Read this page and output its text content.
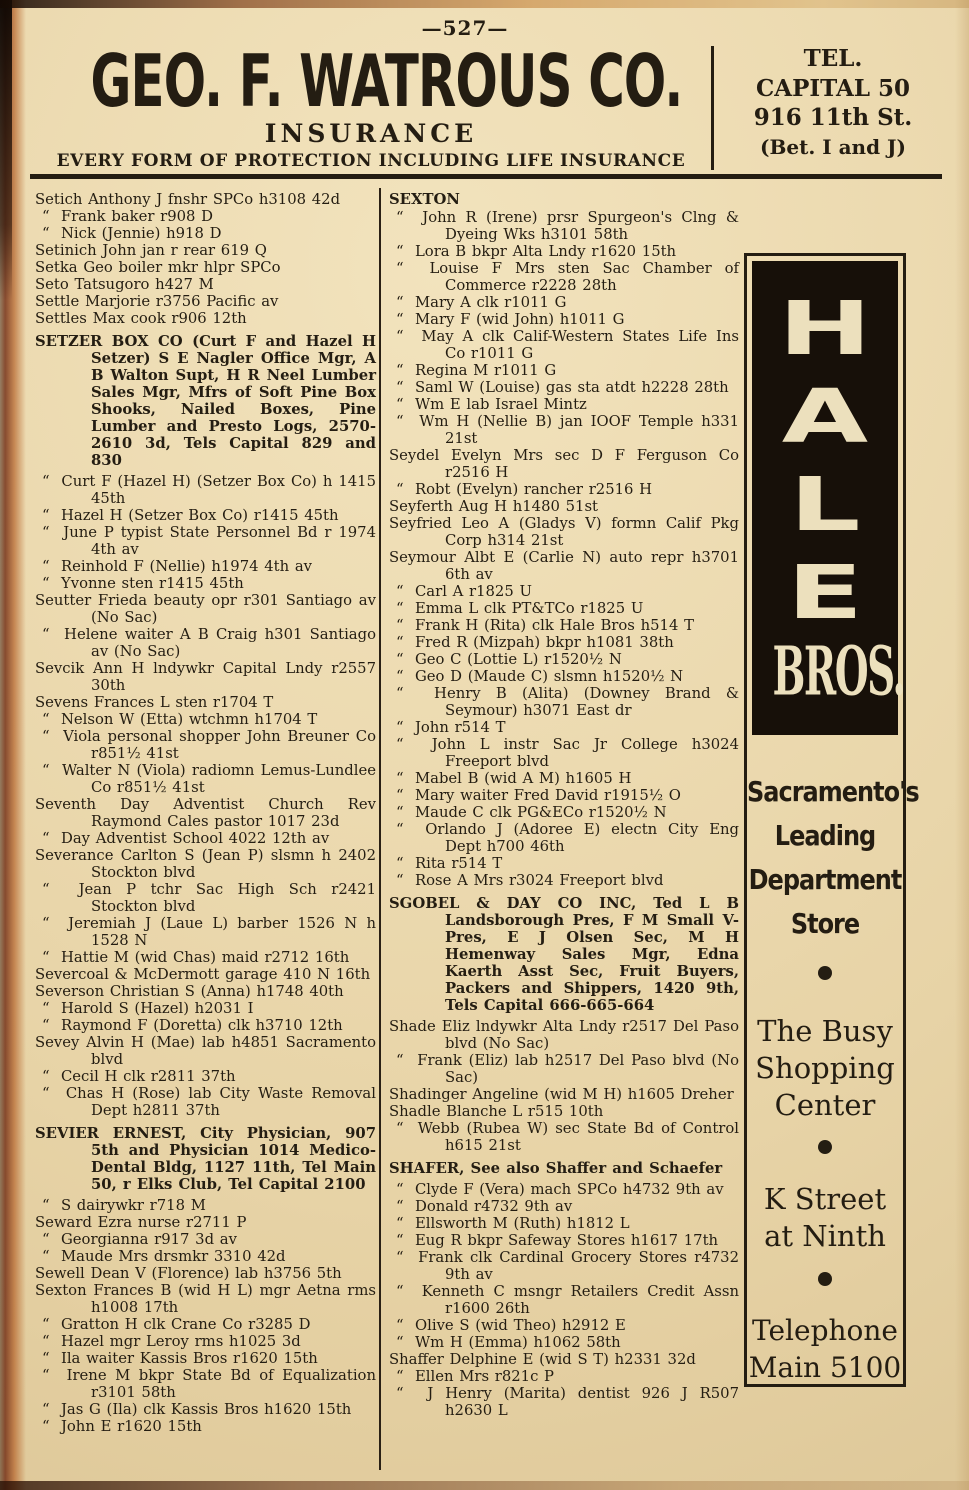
—527—
GEO. F. WATROUS CO.
INSURANCE
EVERY FORM OF PROTECTION INCLUDING LIFE INSURANCE
TEL.
CAPITAL 50
916 11th St.
(Bet. I and J)
Setich Anthony J fnshr SPCo h3108 42d
“  Frank baker r908 D
“  Nick (Jennie) h918 D
Setinich John jan r rear 619 Q
Setka Geo boiler mkr hlpr SPCo
Seto Tatsugoro h427 M
Settle Marjorie r3756 Pacific av
Settles Max cook r906 12th
SETZER BOX CO (Curt F and Hazel H Setzer) S E Nagler Office Mgr, A B Walton Supt, H R Neel Lumber Sales Mgr, Mfrs of Soft Pine Box Shooks, Nailed Boxes, Pine Lumber and Presto Logs, 2570-2610 3d, Tels Capital 829 and 830
“  Curt F (Hazel H) (Setzer Box Co) h 1415 45th
“  Hazel H (Setzer Box Co) r1415 45th
“  June P typist State Personnel Bd r 1974 4th av
“  Reinhold F (Nellie) h1974 4th av
“  Yvonne sten r1415 45th
Seutter Frieda beauty opr r301 Santiago av (No Sac)
“  Helene waiter A B Craig h301 Santiago av (No Sac)
Sevcik Ann H lndywkr Capital Lndy r2557 30th
Sevens Frances L sten r1704 T
“  Nelson W (Etta) wtchmn h1704 T
“  Viola personal shopper John Breuner Co r851½ 41st
“  Walter N (Viola) radiomn Lemus-Lundlee Co r851½ 41st
Seventh Day Adventist Church Rev Raymond Cales pastor 1017 23d
“  Day Adventist School 4022 12th av
Severance Carlton S (Jean P) slsmn h 2402 Stockton blvd
“  Jean P tchr Sac High Sch r2421 Stockton blvd
“  Jeremiah J (Laue L) barber 1526 N h 1528 N
“  Hattie M (wid Chas) maid r2712 16th
Severcoal & McDermott garage 410 N 16th
Severson Christian S (Anna) h1748 40th
“  Harold S (Hazel) h2031 I
“  Raymond F (Doretta) clk h3710 12th
Sevey Alvin H (Mae) lab h4851 Sacramento blvd
“  Cecil H clk r2811 37th
“  Chas H (Rose) lab City Waste Removal Dept h2811 37th
SEVIER ERNEST, City Physician, 907 5th and Physician 1014 Medico-Dental Bldg, 1127 11th, Tel Main 50, r Elks Club, Tel Capital 2100
“  S dairywkr r718 M
Seward Ezra nurse r2711 P
“  Georgianna r917 3d av
“  Maude Mrs drsmkr 3310 42d
Sewell Dean V (Florence) lab h3756 5th
Sexton Frances B (wid H L) mgr Aetna rms h1008 17th
“  Gratton H clk Crane Co r3285 D
“  Hazel mgr Leroy rms h1025 3d
“  Ila waiter Kassis Bros r1620 15th
“  Irene M bkpr State Bd of Equalization r3101 58th
“  Jas G (Ila) clk Kassis Bros h1620 15th
“  John E r1620 15th
SEXTON
“  John R (Irene) prsr Spurgeon's Clng & Dyeing Wks h3101 58th
“  Lora B bkpr Alta Lndy r1620 15th
“  Louise F Mrs sten Sac Chamber of Commerce r2228 28th
“  Mary A clk r1011 G
“  Mary F (wid John) h1011 G
“  May A clk Calif-Western States Life Ins Co r1011 G
“  Regina M r1011 G
“  Saml W (Louise) gas sta atdt h2228 28th
“  Wm E lab Israel Mintz
“  Wm H (Nellie B) jan IOOF Temple h331 21st
Seydel Evelyn Mrs sec D F Ferguson Co r2516 H
“  Robt (Evelyn) rancher r2516 H
Seyferth Aug H h1480 51st
Seyfried Leo A (Gladys V) formn Calif Pkg Corp h314 21st
Seymour Albt E (Carlie N) auto repr h3701 6th av
“  Carl A r1825 U
“  Emma L clk PT&TCo r1825 U
“  Frank H (Rita) clk Hale Bros h514 T
“  Fred R (Mizpah) bkpr h1081 38th
“  Geo C (Lottie L) r1520½ N
“  Geo D (Maude C) slsmn h1520½ N
“  Henry B (Alita) (Downey Brand & Seymour) h3071 East dr
“  John r514 T
“  John L instr Sac Jr College h3024 Freeport blvd
“  Mabel B (wid A M) h1605 H
“  Mary waiter Fred David r1915½ O
“  Maude C clk PG&ECo r1520½ N
“  Orlando J (Adoree E) electn City Eng Dept h700 46th
“  Rita r514 T
“  Rose A Mrs r3024 Freeport blvd
SGOBEL & DAY CO INC, Ted L B Landsborough Pres, F M Small V-Pres, E J Olsen Sec, M H Hemenway Sales Mgr, Edna Kaerth Asst Sec, Fruit Buyers, Packers and Shippers, 1420 9th, Tels Capital 666-665-664
Shade Eliz lndywkr Alta Lndy r2517 Del Paso blvd (No Sac)
“  Frank (Eliz) lab h2517 Del Paso blvd (No Sac)
Shadinger Angeline (wid M H) h1605 Dreher
Shadle Blanche L r515 10th
“  Webb (Rubea W) sec State Bd of Control h615 21st
SHAFER, See also Shaffer and Schaefer
“  Clyde F (Vera) mach SPCo h4732 9th av
“  Donald r4732 9th av
“  Ellsworth M (Ruth) h1812 L
“  Eug R bkpr Safeway Stores h1617 17th
“  Frank clk Cardinal Grocery Stores r4732 9th av
“  Kenneth C msngr Retailers Credit Assn r1600 26th
“  Olive S (wid Theo) h2912 E
“  Wm H (Emma) h1062 58th
Shaffer Delphine E (wid S T) h2331 32d
“  Ellen Mrs r821c P
“  J Henry (Marita) dentist 926 J R507 h2630 L
H
A
L
E
BROS.
Sacramento's
Leading
Department
Store
The Busy
Shopping
Center
K Street
at Ninth
Telephone
Main 5100
